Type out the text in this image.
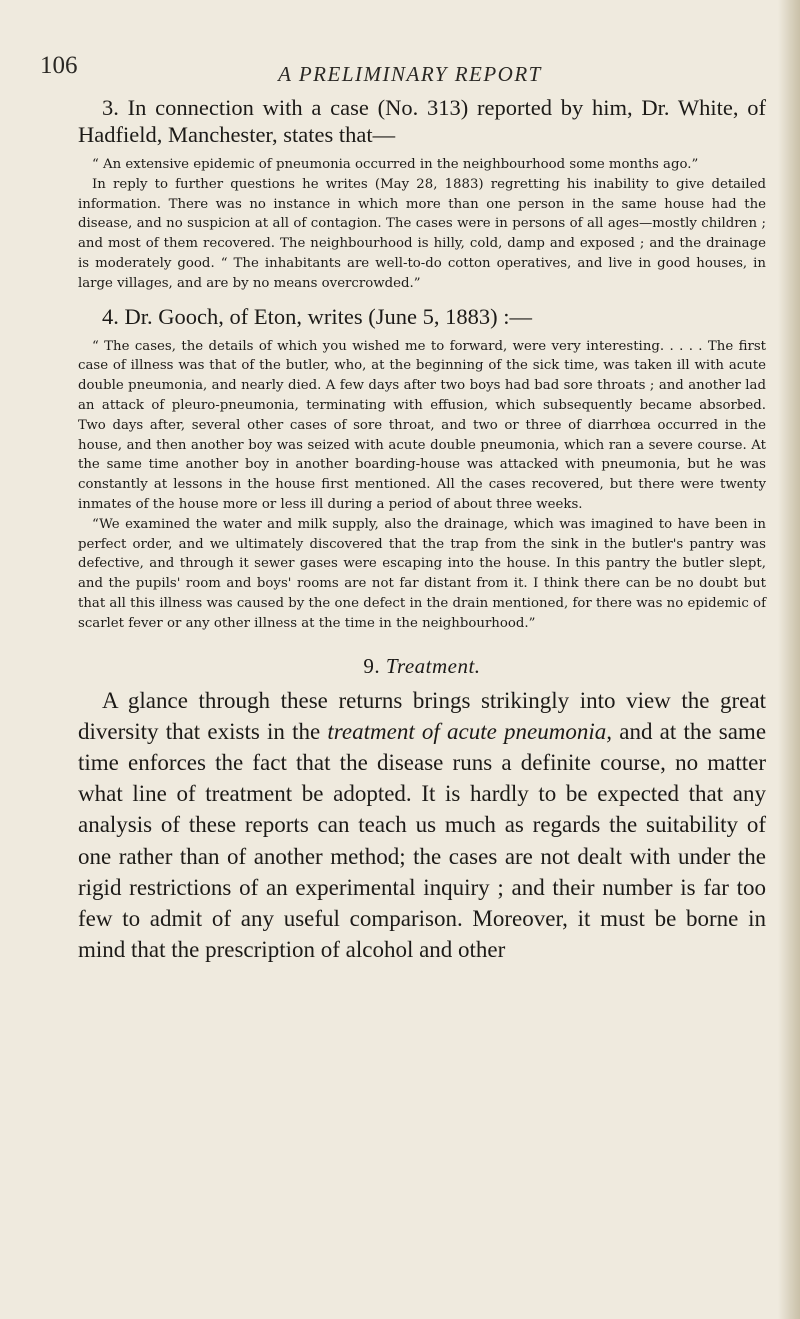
106	A PRELIMINARY REPORT

3. In connection with a case (No. 313) reported by him, Dr. White, of Hadfield, Manchester, states that—

“ An extensive epidemic of pneumonia occurred in the neighbourhood some months ago.”

In reply to further questions he writes (May 28, 1883) regretting his inability to give detailed information. There was no instance in which more than one person in the same house had the disease, and no suspicion at all of contagion. The cases were in persons of all ages—mostly children ; and most of them recovered. The neighbourhood is hilly, cold, damp and exposed ; and the drainage is moderately good. “ The inhabitants are well-to-do cotton operatives, and live in good houses, in large villages, and are by no means overcrowded.”

4. Dr. Gooch, of Eton, writes (June 5, 1883) :—

“ The cases, the details of which you wished me to forward, were very interesting. . . . . The first case of illness was that of the butler, who, at the beginning of the sick time, was taken ill with acute double pneumonia, and nearly died. A few days after two boys had bad sore throats ; and another lad an attack of pleuro-pneumonia, terminating with effusion, which subsequently became absorbed. Two days after, several other cases of sore throat, and two or three of diarrhœa occurred in the house, and then another boy was seized with acute double pneumonia, which ran a severe course. At the same time another boy in another boarding-house was attacked with pneumonia, but he was constantly at lessons in the house first mentioned. All the cases recovered, but there were twenty inmates of the house more or less ill during a period of about three weeks.

“We examined the water and milk supply, also the drainage, which was imagined to have been in perfect order, and we ultimately discovered that the trap from the sink in the butler's pantry was defective, and through it sewer gases were escaping into the house. In this pantry the butler slept, and the pupils' room and boys' rooms are not far distant from it. I think there can be no doubt but that all this illness was caused by the one defect in the drain mentioned, for there was no epidemic of scarlet fever or any other illness at the time in the neighbourhood.”

9. Treatment.

A glance through these returns brings strikingly into view the great diversity that exists in the treatment of acute pneumonia, and at the same time enforces the fact that the disease runs a definite course, no matter what line of treatment be adopted. It is hardly to be expected that any analysis of these reports can teach us much as regards the suitability of one rather than of another method; the cases are not dealt with under the rigid restrictions of an experimental inquiry ; and their number is far too few to admit of any useful comparison. Moreover, it must be borne in mind that the prescription of alcohol and other
